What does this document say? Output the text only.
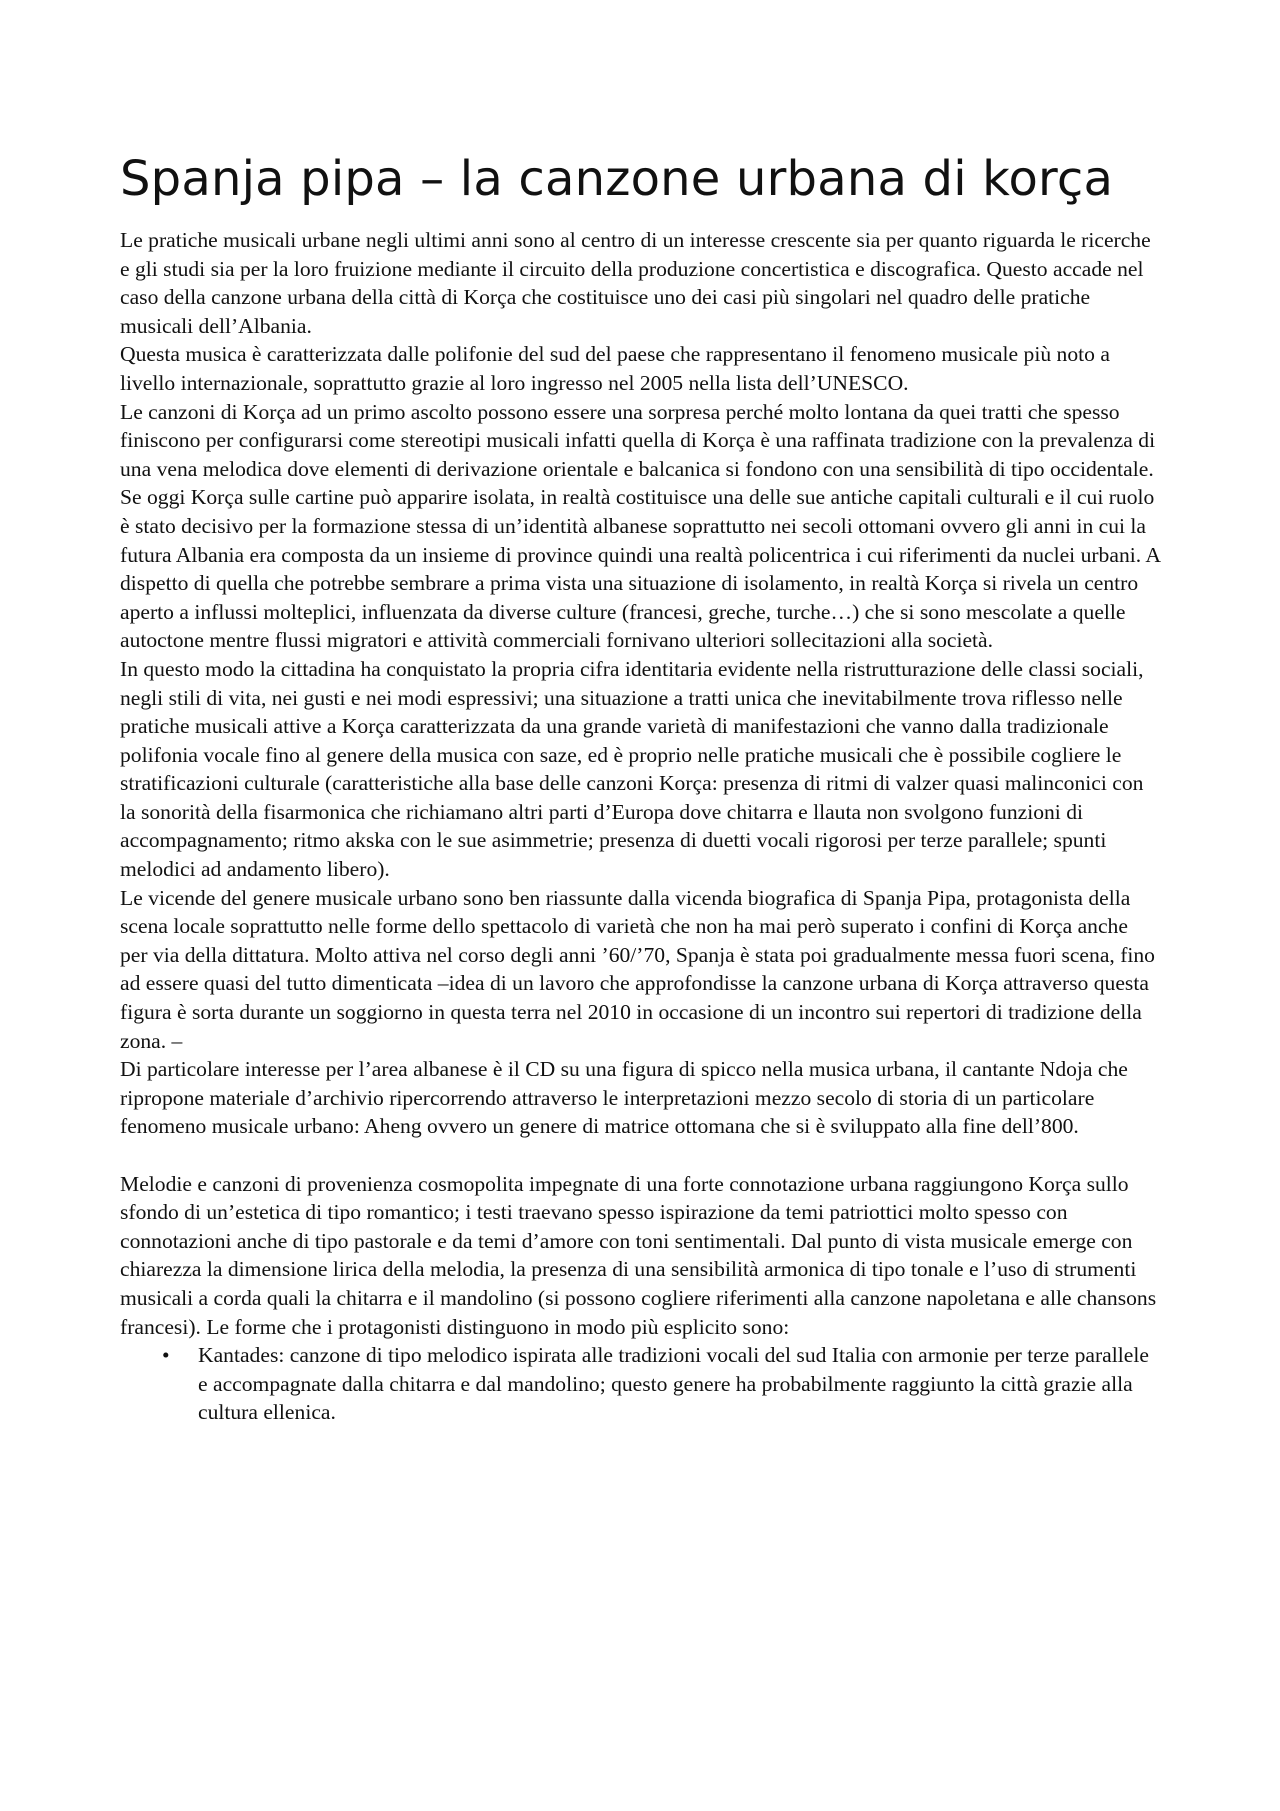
Spanja pipa – la canzone urbana di korça

Le pratiche musicali urbane negli ultimi anni sono al centro di un interesse crescente sia per quanto riguarda le ricerche e gli studi sia per la loro fruizione mediante il circuito della produzione concertistica e discografica. Questo accade nel caso della canzone urbana della città di Korça che costituisce uno dei casi più singolari nel quadro delle pratiche musicali dell’Albania.

Questa musica è caratterizzata dalle polifonie del sud del paese che rappresentano il fenomeno musicale più noto a livello internazionale, soprattutto grazie al loro ingresso nel 2005 nella lista dell’UNESCO.

Le canzoni di Korça ad un primo ascolto possono essere una sorpresa perché molto lontana da quei tratti che spesso finiscono per configurarsi come stereotipi musicali infatti quella di Korça è una raffinata tradizione con la prevalenza di una vena melodica dove elementi di derivazione orientale e balcanica si fondono con una sensibilità di tipo occidentale. Se oggi Korça sulle cartine può apparire isolata, in realtà costituisce una delle sue antiche capitali culturali e il cui ruolo è stato decisivo per la formazione stessa di un’identità albanese soprattutto nei secoli ottomani ovvero gli anni in cui la futura Albania era composta da un insieme di province quindi una realtà policentrica i cui riferimenti da nuclei urbani. A dispetto di quella che potrebbe sembrare a prima vista una situazione di isolamento, in realtà Korça si rivela un centro aperto a influssi molteplici, influenzata da diverse culture (francesi, greche, turche…) che si sono mescolate a quelle autoctone mentre flussi migratori e attività commerciali fornivano ulteriori sollecitazioni alla società.

In questo modo la cittadina ha conquistato la propria cifra identitaria evidente nella ristrutturazione delle classi sociali, negli stili di vita, nei gusti e nei modi espressivi; una situazione a tratti unica che inevitabilmente trova riflesso nelle pratiche musicali attive a Korça caratterizzata da una grande varietà di manifestazioni che vanno dalla tradizionale polifonia vocale fino al genere della musica con saze, ed è proprio nelle pratiche musicali che è possibile cogliere le stratificazioni culturale (caratteristiche alla base delle canzoni Korça: presenza di ritmi di valzer quasi malinconici con la sonorità della fisarmonica che richiamano altri parti d’Europa dove chitarra e llauta non svolgono funzioni di accompagnamento; ritmo akska con le sue asimmetrie; presenza di duetti vocali rigorosi per terze parallele; spunti melodici ad andamento libero).

Le vicende del genere musicale urbano sono ben riassunte dalla vicenda biografica di Spanja Pipa, protagonista della scena locale soprattutto nelle forme dello spettacolo di varietà che non ha mai però superato i confini di Korça anche per via della dittatura. Molto attiva nel corso degli anni ’60/’70, Spanja è stata poi gradualmente messa fuori scena, fino ad essere quasi del tutto dimenticata –idea di un lavoro che approfondisse la canzone urbana di Korça attraverso questa figura è sorta durante un soggiorno in questa terra nel 2010 in occasione di un incontro sui repertori di tradizione della zona. –

Di particolare interesse per l’area albanese è il CD su una figura di spicco nella musica urbana, il cantante Ndoja che ripropone materiale d’archivio ripercorrendo attraverso le interpretazioni mezzo secolo di storia di un particolare fenomeno musicale urbano: Aheng ovvero un genere di matrice ottomana che si è sviluppato alla fine dell’800.

Melodie e canzoni di provenienza cosmopolita impegnate di una forte connotazione urbana raggiungono Korça sullo sfondo di un’estetica di tipo romantico; i testi traevano spesso ispirazione da temi patriottici molto spesso con connotazioni anche di tipo pastorale e da temi d’amore con toni sentimentali. Dal punto di vista musicale emerge con chiarezza la dimensione lirica della melodia, la presenza di una sensibilità armonica di tipo tonale e l’uso di strumenti musicali a corda quali la chitarra e il mandolino (si possono cogliere riferimenti alla canzone napoletana e alle chansons francesi). Le forme che i protagonisti distinguono in modo più esplicito sono:

• Kantades: canzone di tipo melodico ispirata alle tradizioni vocali del sud Italia con armonie per terze parallele e accompagnate dalla chitarra e dal mandolino; questo genere ha probabilmente raggiunto la città grazie alla cultura ellenica.
